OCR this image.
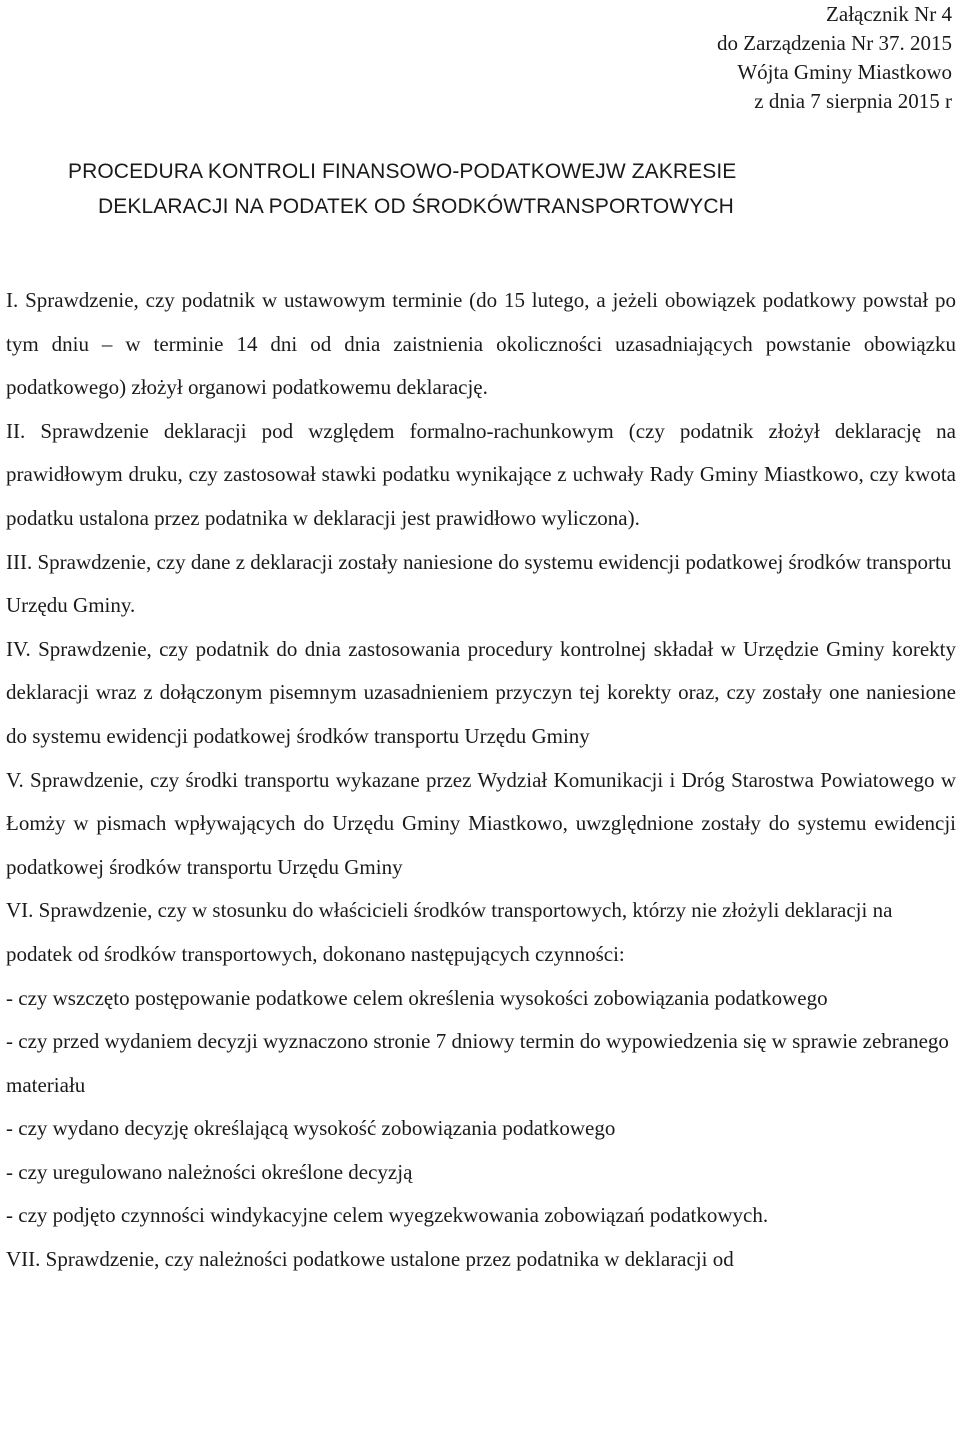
Załącznik Nr 4
do Zarządzenia Nr 37. 2015
Wójta Gminy Miastkowo
z dnia 7 sierpnia 2015 r
PROCEDURA KONTROLI FINANSOWO-PODATKOWEJW ZAKRESIE
DEKLARACJI NA PODATEK OD ŚRODKÓWTRANSPORTOWYCH

I. Sprawdzenie, czy podatnik w ustawowym terminie (do 15 lutego, a jeżeli obowiązek podatkowy powstał po tym dniu – w terminie 14 dni od dnia zaistnienia okoliczności uzasadniających powstanie obowiązku podatkowego) złożył organowi podatkowemu deklarację.

II. Sprawdzenie deklaracji pod względem formalno-rachunkowym (czy podatnik złożył deklarację na prawidłowym druku, czy zastosował stawki podatku wynikające z uchwały Rady Gminy Miastkowo, czy kwota podatku ustalona przez podatnika w deklaracji jest prawidłowo wyliczona).

III. Sprawdzenie, czy dane z deklaracji zostały naniesione do systemu ewidencji podatkowej środków transportu Urzędu Gminy.

IV. Sprawdzenie, czy podatnik do dnia zastosowania procedury kontrolnej składał w Urzędzie Gminy korekty deklaracji wraz z dołączonym pisemnym uzasadnieniem przyczyn tej korekty oraz, czy zostały one naniesione do systemu ewidencji podatkowej środków transportu Urzędu Gminy

V. Sprawdzenie, czy środki transportu wykazane przez Wydział Komunikacji i Dróg Starostwa Powiatowego w Łomży w pismach wpływających do Urzędu Gminy Miastkowo, uwzględnione zostały do systemu ewidencji podatkowej środków transportu Urzędu Gminy

VI. Sprawdzenie, czy w stosunku do właścicieli środków transportowych, którzy nie złożyli deklaracji na podatek od środków transportowych, dokonano następujących czynności:

- czy wszczęto postępowanie podatkowe celem określenia wysokości zobowiązania podatkowego

- czy przed wydaniem decyzji wyznaczono stronie 7 dniowy termin do wypowiedzenia się w sprawie zebranego materiału

- czy wydano decyzję określającą wysokość zobowiązania podatkowego

- czy uregulowano należności określone decyzją

- czy podjęto czynności windykacyjne celem wyegzekwowania zobowiązań podatkowych.

VII. Sprawdzenie, czy należności podatkowe ustalone przez podatnika w deklaracji od
